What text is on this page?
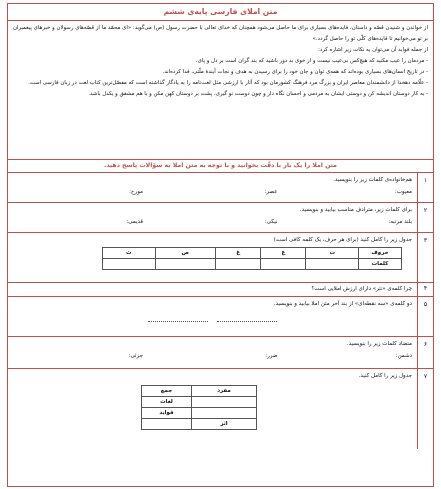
متن املای فارسی پایه‌ی ششم

از خواندن و شنیدن قصّه و داستان، فایده‌های بسیاری برای ما حاصل می‌شود همچنان که خدای تعالی با حضرت رسول (ص) می‌گوید: «ای محمّد ما از قصّه‌های رسولان و خبرهای پیغمبران بر تو می‌خوانیم تا فایده‌های کلّی تو را حاصل گردد.»

از جمله فواید آن می‌توان به نکات زیر اشاره کرد:

- مردمان را عیب مکنید که هیچ‌کس بی‌عیب نیست و از خوی بد دور باشید که بند گران است بر دل و پای.

- در تاریخ انسان‌های بسیاری بوده‌اند که همه‌ی توان و جان خود را برای رسیدن به هدف و نجات آیندهٔ ملّتی، فدا کرده‌اند.

- علّامه دهخدا از دانشمندان معاصر ایران و بزرگ مرد فرهنگ کشورمان بود که آثار با ارزشی مثل لغت‌نامه را به یادگار گذاشته است که مفصّل‌ترین کتاب لغت در زبان فارسی است.

- به کار دوستان اندیشه کن و دوستی ایشان به مردمی و احسان نگاه دار و چون دوست نو گیری، پشت بر دوستان کهن مکن و با هم مشفق و یکدل باشد.

متن املا را یک بار با دقّت بخوانید و با توجه به متن املا به سؤالات پاسخ دهید.
۱
هم‌خانواده‌ی کلمات زیر را بنویسید.
معیوب:
عصر:
مورخ:
۲
برای کلمات زیر، مترادف مناسب بیابید و بنویسید.
بلند مرتبه:
نیکی:
قدیمی:
۳
جدول زیر را کامل کنید (برای هر حرف، یک کلمه کافی است)
حروف	ت	غ	غ	ص	ث
کلمات					
۴
چرا کلمه‌ی «نثر» دارای ارزش املایی است؟
۵
دو کلمه‌ی «سه نقطه‌ای» از بند آخر متن املا بیابید و بنویسید.

۶
متضاد کلمات زیر را بنویسید.
دشمن:
ضرر:
جزئی:
۷
جدول زیر را کامل کنید.
مفرد	جمع
	لغات
	فواید
اثر	
